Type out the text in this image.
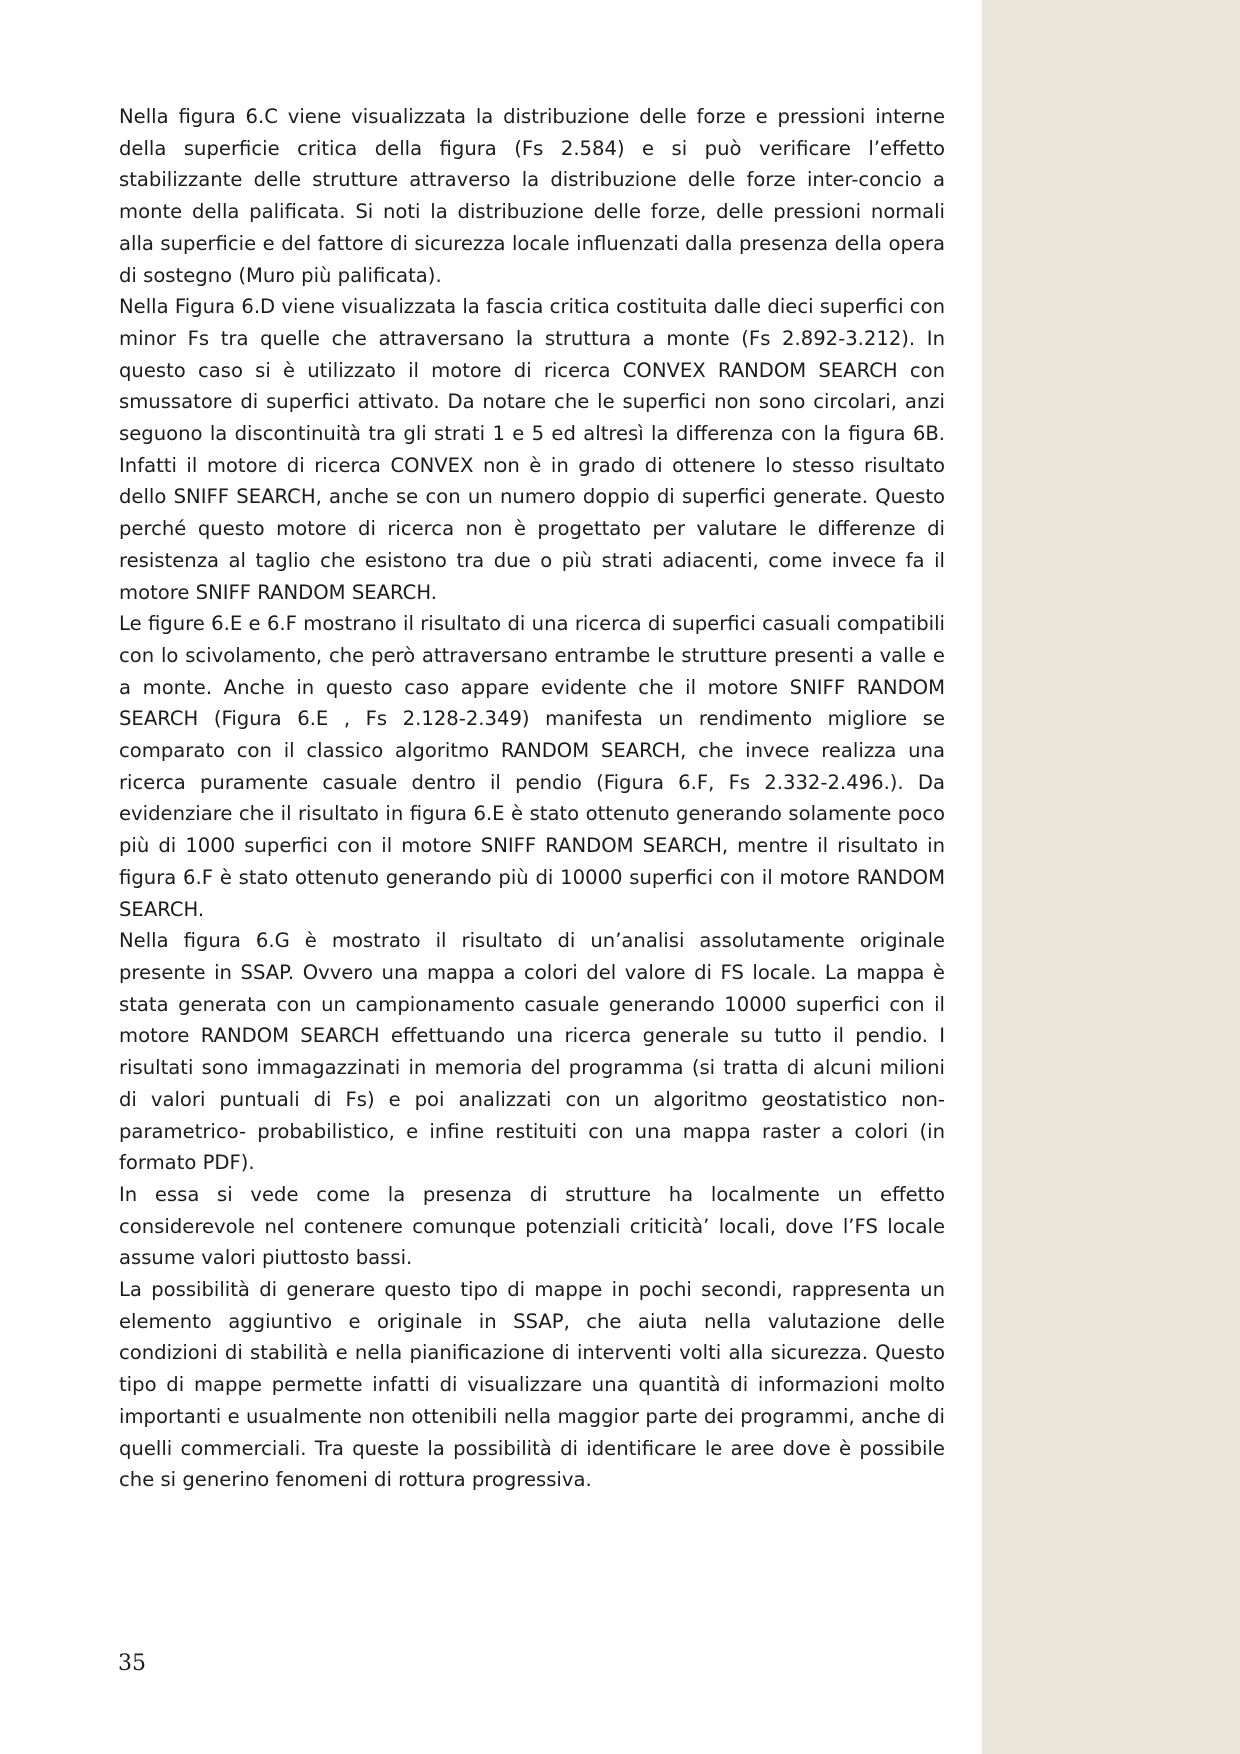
Nella figura 6.C viene visualizzata la distribuzione delle forze e pressioni interne della superficie critica della figura (Fs 2.584) e si può verificare l’effetto stabilizzante delle strutture attraverso la distribuzione delle forze inter-concio a monte della palificata. Si noti la distribuzione delle forze, delle pressioni normali alla superficie e del fattore di sicurezza locale influenzati dalla presenza della opera di sostegno (Muro più palificata).

Nella Figura 6.D viene visualizzata la fascia critica costituita dalle dieci superfici con minor Fs tra quelle che attraversano la struttura a monte (Fs 2.892-3.212). In questo caso si è utilizzato il motore di ricerca CONVEX RANDOM SEARCH con smussatore di superfici attivato. Da notare che le superfici non sono circolari, anzi seguono la discontinuità tra gli strati 1 e 5 ed altresì la differenza con la figura 6B. Infatti il motore di ricerca CONVEX non è in grado di ottenere lo stesso risultato dello SNIFF SEARCH, anche se con un numero doppio di superfici generate. Questo perché questo motore di ricerca non è progettato per valutare le differenze di resistenza al taglio che esistono tra due o più strati adiacenti, come invece fa il motore SNIFF RANDOM SEARCH.

Le figure 6.E e 6.F mostrano il risultato di una ricerca di superfici casuali compatibili con lo scivolamento, che però attraversano entrambe le strutture presenti a valle e a monte. Anche in questo caso appare evidente che il motore SNIFF RANDOM SEARCH (Figura 6.E , Fs 2.128-2.349) manifesta un rendimento migliore se comparato con il classico algoritmo RANDOM SEARCH, che invece realizza una ricerca puramente casuale dentro il pendio (Figura 6.F, Fs 2.332-2.496.). Da evidenziare che il risultato in figura 6.E è stato ottenuto generando solamente poco più di 1000 superfici con il motore SNIFF RANDOM SEARCH, mentre il risultato in figura 6.F è stato ottenuto generando più di 10000 superfici con il motore RANDOM SEARCH.

Nella figura 6.G è mostrato il risultato di un’analisi assolutamente originale presente in SSAP. Ovvero una mappa a colori del valore di FS locale. La mappa è stata generata con un campionamento casuale generando 10000 superfici con il motore RANDOM SEARCH effettuando una ricerca generale su tutto il pendio. I risultati sono immagazzinati in memoria del programma (si tratta di alcuni milioni di valori puntuali di Fs) e poi analizzati con un algoritmo geostatistico non-parametrico- probabilistico, e infine restituiti con una mappa raster a colori (in formato PDF).

In essa si vede come la presenza di strutture ha localmente un effetto considerevole nel contenere comunque potenziali criticità’ locali, dove l’FS locale assume valori piuttosto bassi.

La possibilità di generare questo tipo di mappe in pochi secondi, rappresenta un elemento aggiuntivo e originale in SSAP, che aiuta nella valutazione delle condizioni di stabilità e nella pianificazione di interventi volti alla sicurezza. Questo tipo di mappe permette infatti di visualizzare una quantità di informazioni molto importanti e usualmente non ottenibili nella maggior parte dei programmi, anche di quelli commerciali. Tra queste la possibilità di identificare le aree dove è possibile che si generino fenomeni di rottura progressiva.

35
